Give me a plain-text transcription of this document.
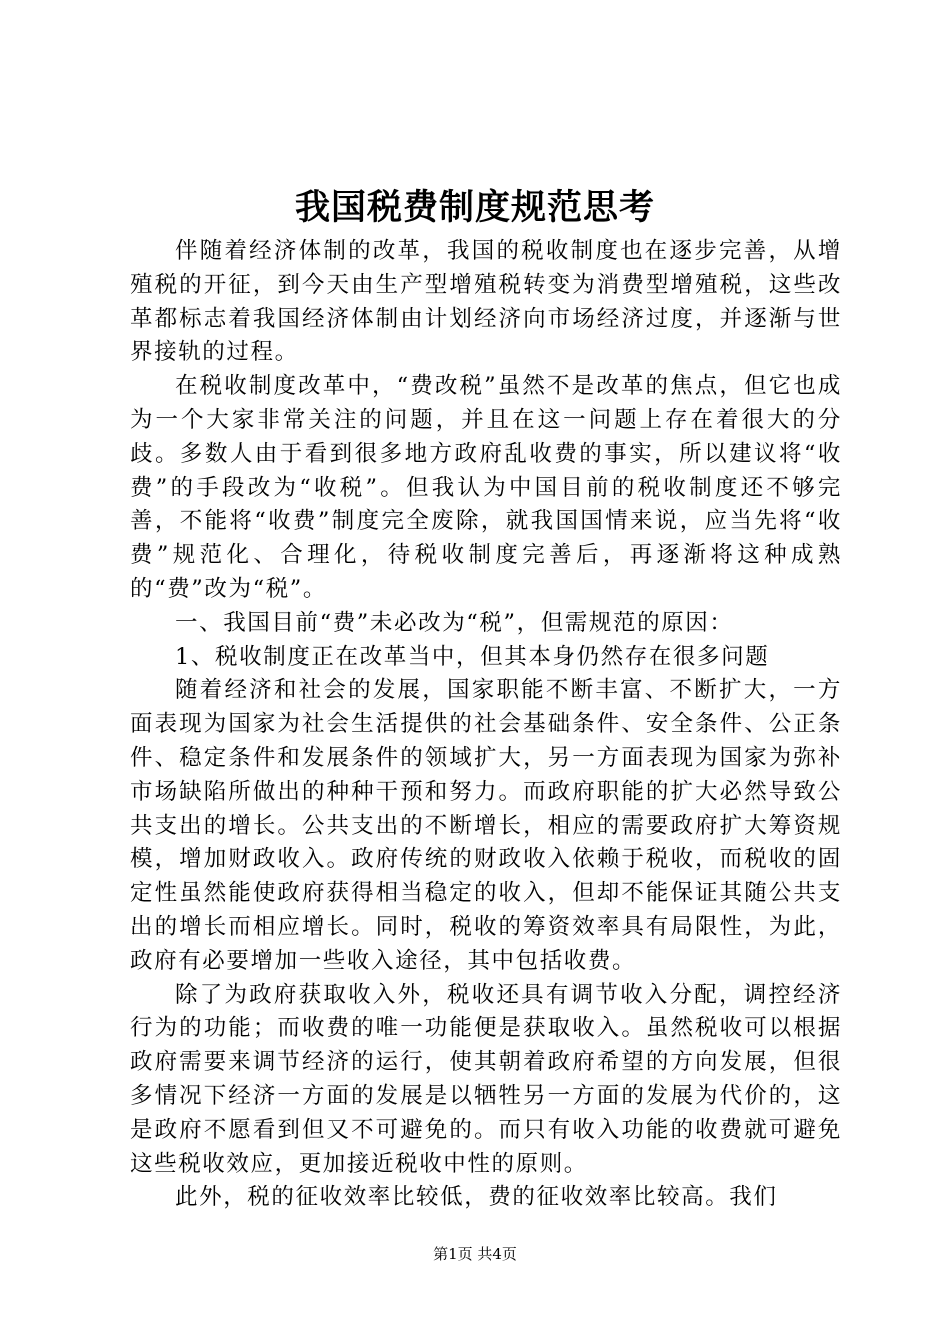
我国税费制度规范思考

伴随着经济体制的改革，我国的税收制度也在逐步完善，从增殖税的开征，到今天由生产型增殖税转变为消费型增殖税，这些改革都标志着我国经济体制由计划经济向市场经济过度，并逐渐与世界接轨的过程。

在税收制度改革中，“费改税”虽然不是改革的焦点，但它也成为一个大家非常关注的问题，并且在这一问题上存在着很大的分歧。多数人由于看到很多地方政府乱收费的事实，所以建议将“收费”的手段改为“收税”。但我认为中国目前的税收制度还不够完善，不能将“收费”制度完全废除，就我国国情来说，应当先将“收费”规范化、合理化，待税收制度完善后，再逐渐将这种成熟的“费”改为“税”。

一、我国目前“费”未必改为“税”，但需规范的原因：

1、税收制度正在改革当中，但其本身仍然存在很多问题

随着经济和社会的发展，国家职能不断丰富、不断扩大，一方面表现为国家为社会生活提供的社会基础条件、安全条件、公正条件、稳定条件和发展条件的领域扩大，另一方面表现为国家为弥补市场缺陷所做出的种种干预和努力。而政府职能的扩大必然导致公共支出的增长。公共支出的不断增长，相应的需要政府扩大筹资规模，增加财政收入。政府传统的财政收入依赖于税收，而税收的固定性虽然能使政府获得相当稳定的收入，但却不能保证其随公共支出的增长而相应增长。同时，税收的筹资效率具有局限性，为此，政府有必要增加一些收入途径，其中包括收费。

除了为政府获取收入外，税收还具有调节收入分配，调控经济行为的功能；而收费的唯一功能便是获取收入。虽然税收可以根据政府需要来调节经济的运行，使其朝着政府希望的方向发展，但很多情况下经济一方面的发展是以牺牲另一方面的发展为代价的，这是政府不愿看到但又不可避免的。而只有收入功能的收费就可避免这些税收效应，更加接近税收中性的原则。

此外，税的征收效率比较低，费的征收效率比较高。我们

第1页 共4页
